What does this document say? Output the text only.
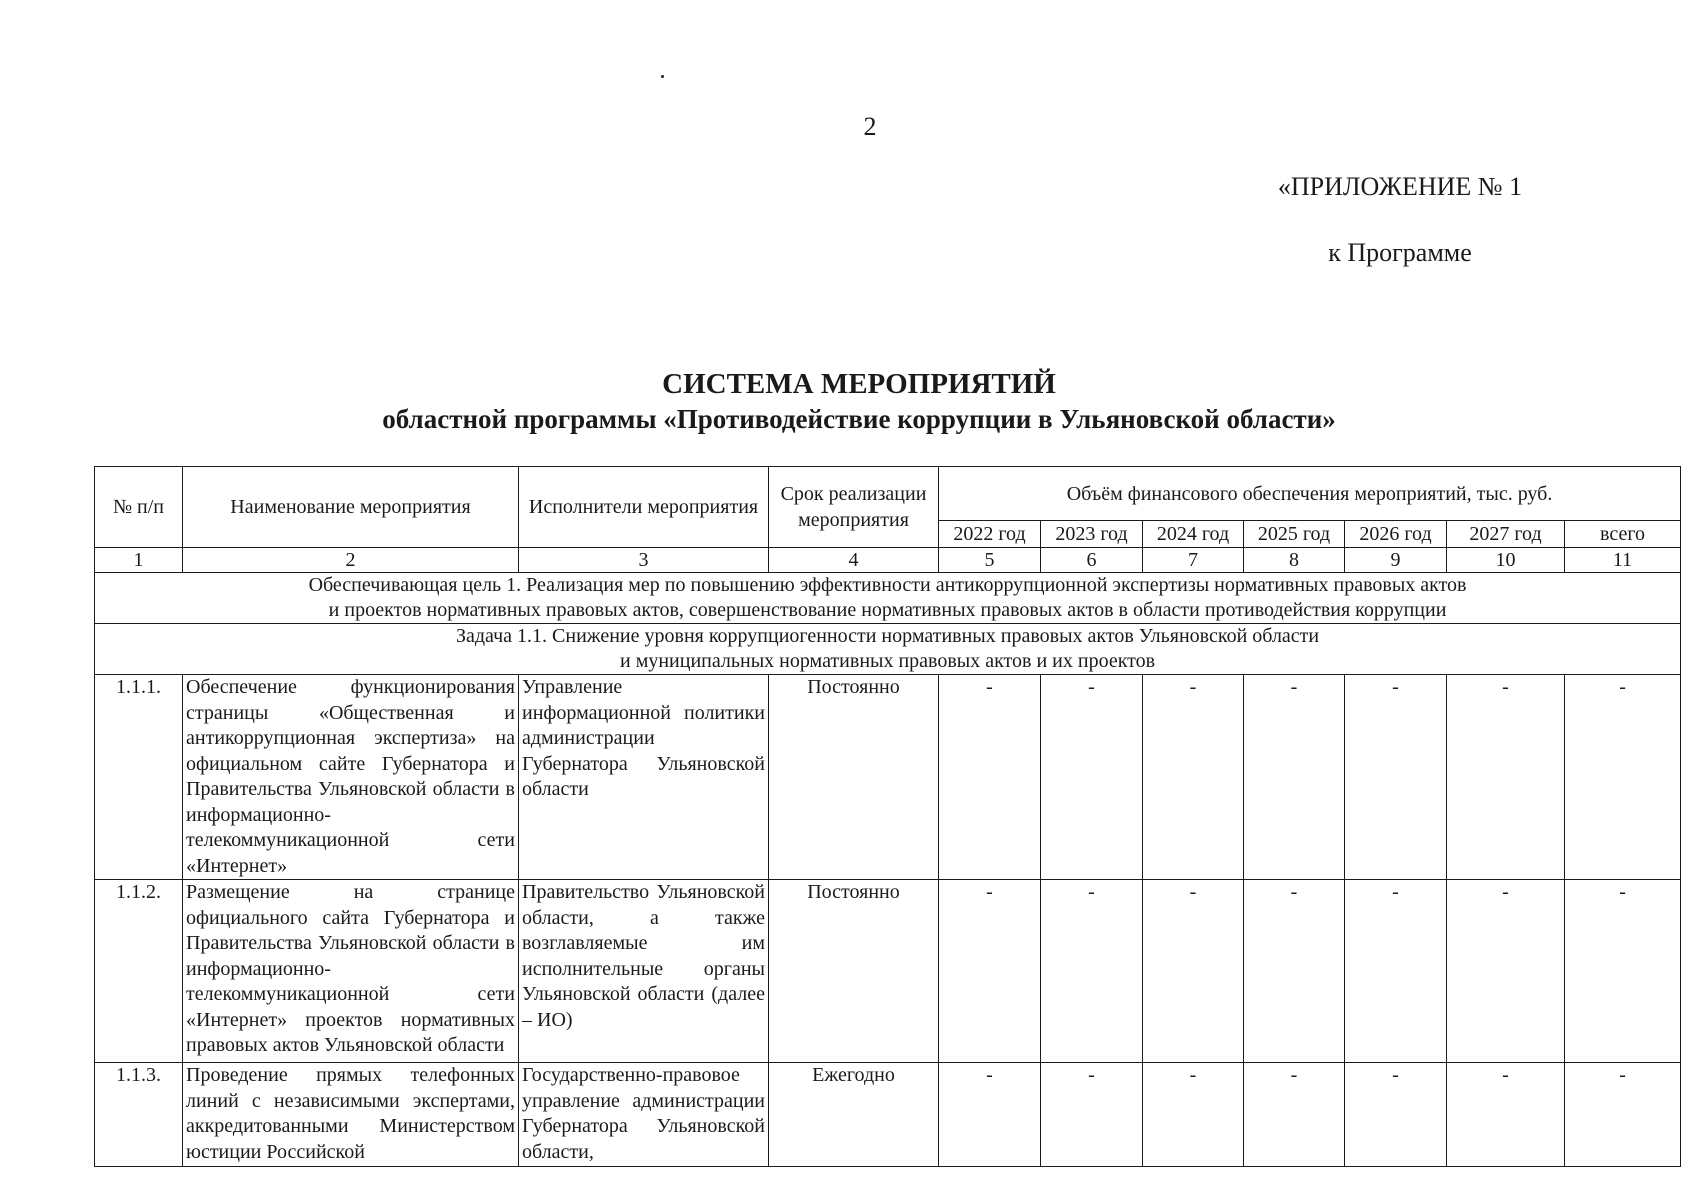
2
«ПРИЛОЖЕНИЕ № 1
к Программе
СИСТЕМА МЕРОПРИЯТИЙ
областной программы «Противодействие коррупции в Ульяновской области»
№ п/п	Наименование мероприятия	Исполнители мероприятия	Срок реализации мероприятия	Объём финансового обеспечения мероприятий, тыс. руб.						
				2022 год	2023 год	2024 год	2025 год	2026 год	2027 год	всего
1	2	3	4	5	6	7	8	9	10	11

Обеспечивающая цель 1. Реализация мер по повышению эффективности антикоррупционной экспертизы нормативных правовых актов
и проектов нормативных правовых актов, совершенствование нормативных правовых актов в области противодействия коррупции										

Задача 1.1. Снижение уровня коррупциогенности нормативных правовых актов Ульяновской области
и муниципальных нормативных правовых актов и их проектов										

1.1.1.	Обеспечение функционирования страницы «Общественная и антикоррупционная экспертиза» на официальном сайте Губернатора и Правительства Ульяновской области в информационно-телекоммуникационной сети «Интернет»	Управление информационной политики администрации Губернатора Ульяновской области	Постоянно	-	-	-	-	-	-	-
1.1.2.	Размещение на странице официального сайта Губернатора и Правительства Ульяновской области в информационно-телекоммуникационной сети «Интернет» проектов нормативных правовых актов Ульяновской области	Правительство Ульяновской области, а также возглавляемые им исполнительные органы Ульяновской области (далее – ИО)	Постоянно	-	-	-	-	-	-	-
1.1.3.	Проведение прямых телефонных линий с независимыми экспертами, аккредитованными Министерством юстиции Российской	Государственно-правовое управление администрации Губернатора Ульяновской области,	Ежегодно	-	-	-	-	-	-	-
